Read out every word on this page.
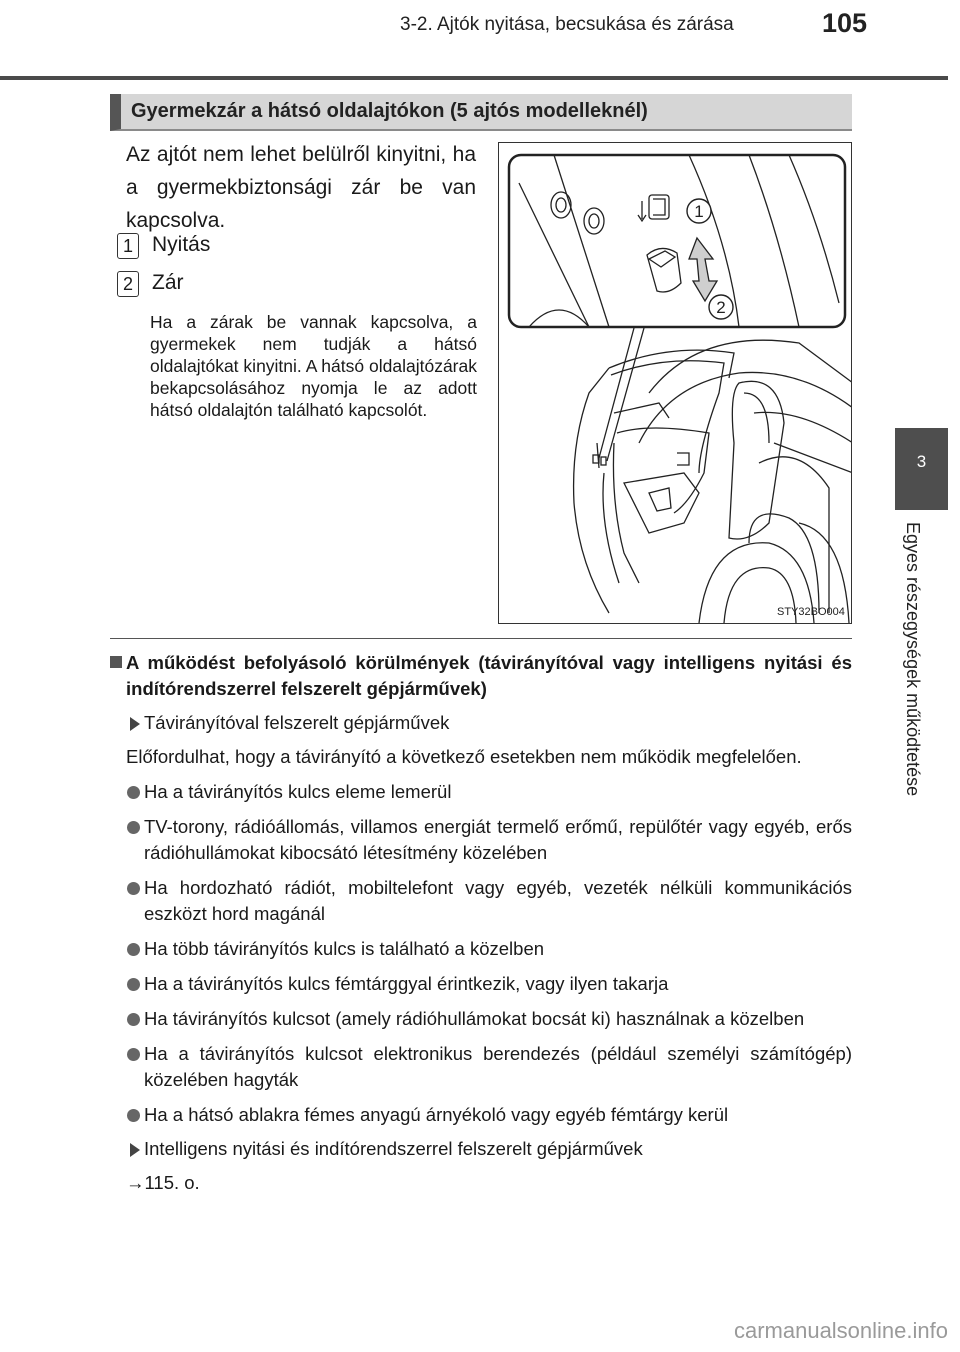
3-2. Ajtók nyitása, becsukása és zárása	105
3
Egyes részegységek működtetése
Gyermekzár a hátsó oldalajtókon (5 ajtós modelleknél)
Az ajtót nem lehet belülről kinyitni, ha a gyermekbiztonsági zár be van kapcsolva.
1 Nyitás
2 Zár
Ha a zárak be vannak kapcsolva, a gyermekek nem tudják a hátsó oldalajtókat kinyitni. A hátsó oldalajtózárak bekapcsolásához nyomja le az adott hátsó oldalajtón található kapcsolót.
1
2
STY32BO004
A működést befolyásoló körülmények (távirányítóval vagy intelligens nyitási és indítórendszerrel felszerelt gépjárművek)
Távirányítóval felszerelt gépjárművek
Előfordulhat, hogy a távirányító a következő esetekben nem működik megfelelően.
Ha a távirányítós kulcs eleme lemerül
TV-torony, rádióállomás, villamos energiát termelő erőmű, repülőtér vagy egyéb, erős rádióhullámokat kibocsátó létesítmény közelében
Ha hordozható rádiót, mobiltelefont vagy egyéb, vezeték nélküli kommunikációs eszközt hord magánál
Ha több távirányítós kulcs is található a közelben
Ha a távirányítós kulcs fémtárggyal érintkezik, vagy ilyen takarja
Ha távirányítós kulcsot (amely rádióhullámokat bocsát ki) használnak a közelben
Ha a távirányítós kulcsot elektronikus berendezés (például személyi számítógép) közelében hagyták
Ha a hátsó ablakra fémes anyagú árnyékoló vagy egyéb fémtárgy kerül
Intelligens nyitási és indítórendszerrel felszerelt gépjárművek
→115. o.
carmanualsonline.info
